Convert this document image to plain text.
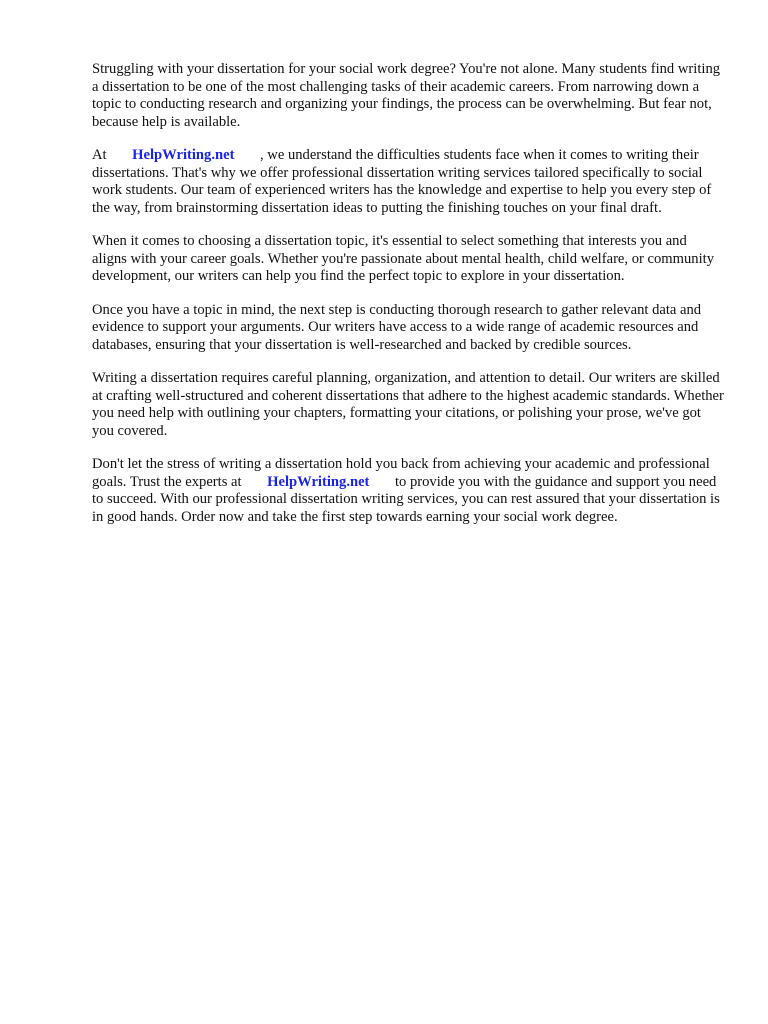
Struggling with your dissertation for your social work degree? You're not alone. Many students find writing a dissertation to be one of the most challenging tasks of their academic careers. From narrowing down a topic to conducting research and organizing your findings, the process can be overwhelming. But fear not, because help is available.

At       HelpWriting.net       , we understand the difficulties students face when it comes to writing their dissertations. That's why we offer professional dissertation writing services tailored specifically to social work students. Our team of experienced writers has the knowledge and expertise to help you every step of the way, from brainstorming dissertation ideas to putting the finishing touches on your final draft.

When it comes to choosing a dissertation topic, it's essential to select something that interests you and aligns with your career goals. Whether you're passionate about mental health, child welfare, or community development, our writers can help you find the perfect topic to explore in your dissertation.

Once you have a topic in mind, the next step is conducting thorough research to gather relevant data and evidence to support your arguments. Our writers have access to a wide range of academic resources and databases, ensuring that your dissertation is well-researched and backed by credible sources.

Writing a dissertation requires careful planning, organization, and attention to detail. Our writers are skilled at crafting well-structured and coherent dissertations that adhere to the highest academic standards. Whether you need help with outlining your chapters, formatting your citations, or polishing your prose, we've got you covered.

Don't let the stress of writing a dissertation hold you back from achieving your academic and professional goals. Trust the experts at       HelpWriting.net       to provide you with the guidance and support you need to succeed. With our professional dissertation writing services, you can rest assured that your dissertation is in good hands. Order now and take the first step towards earning your social work degree.
